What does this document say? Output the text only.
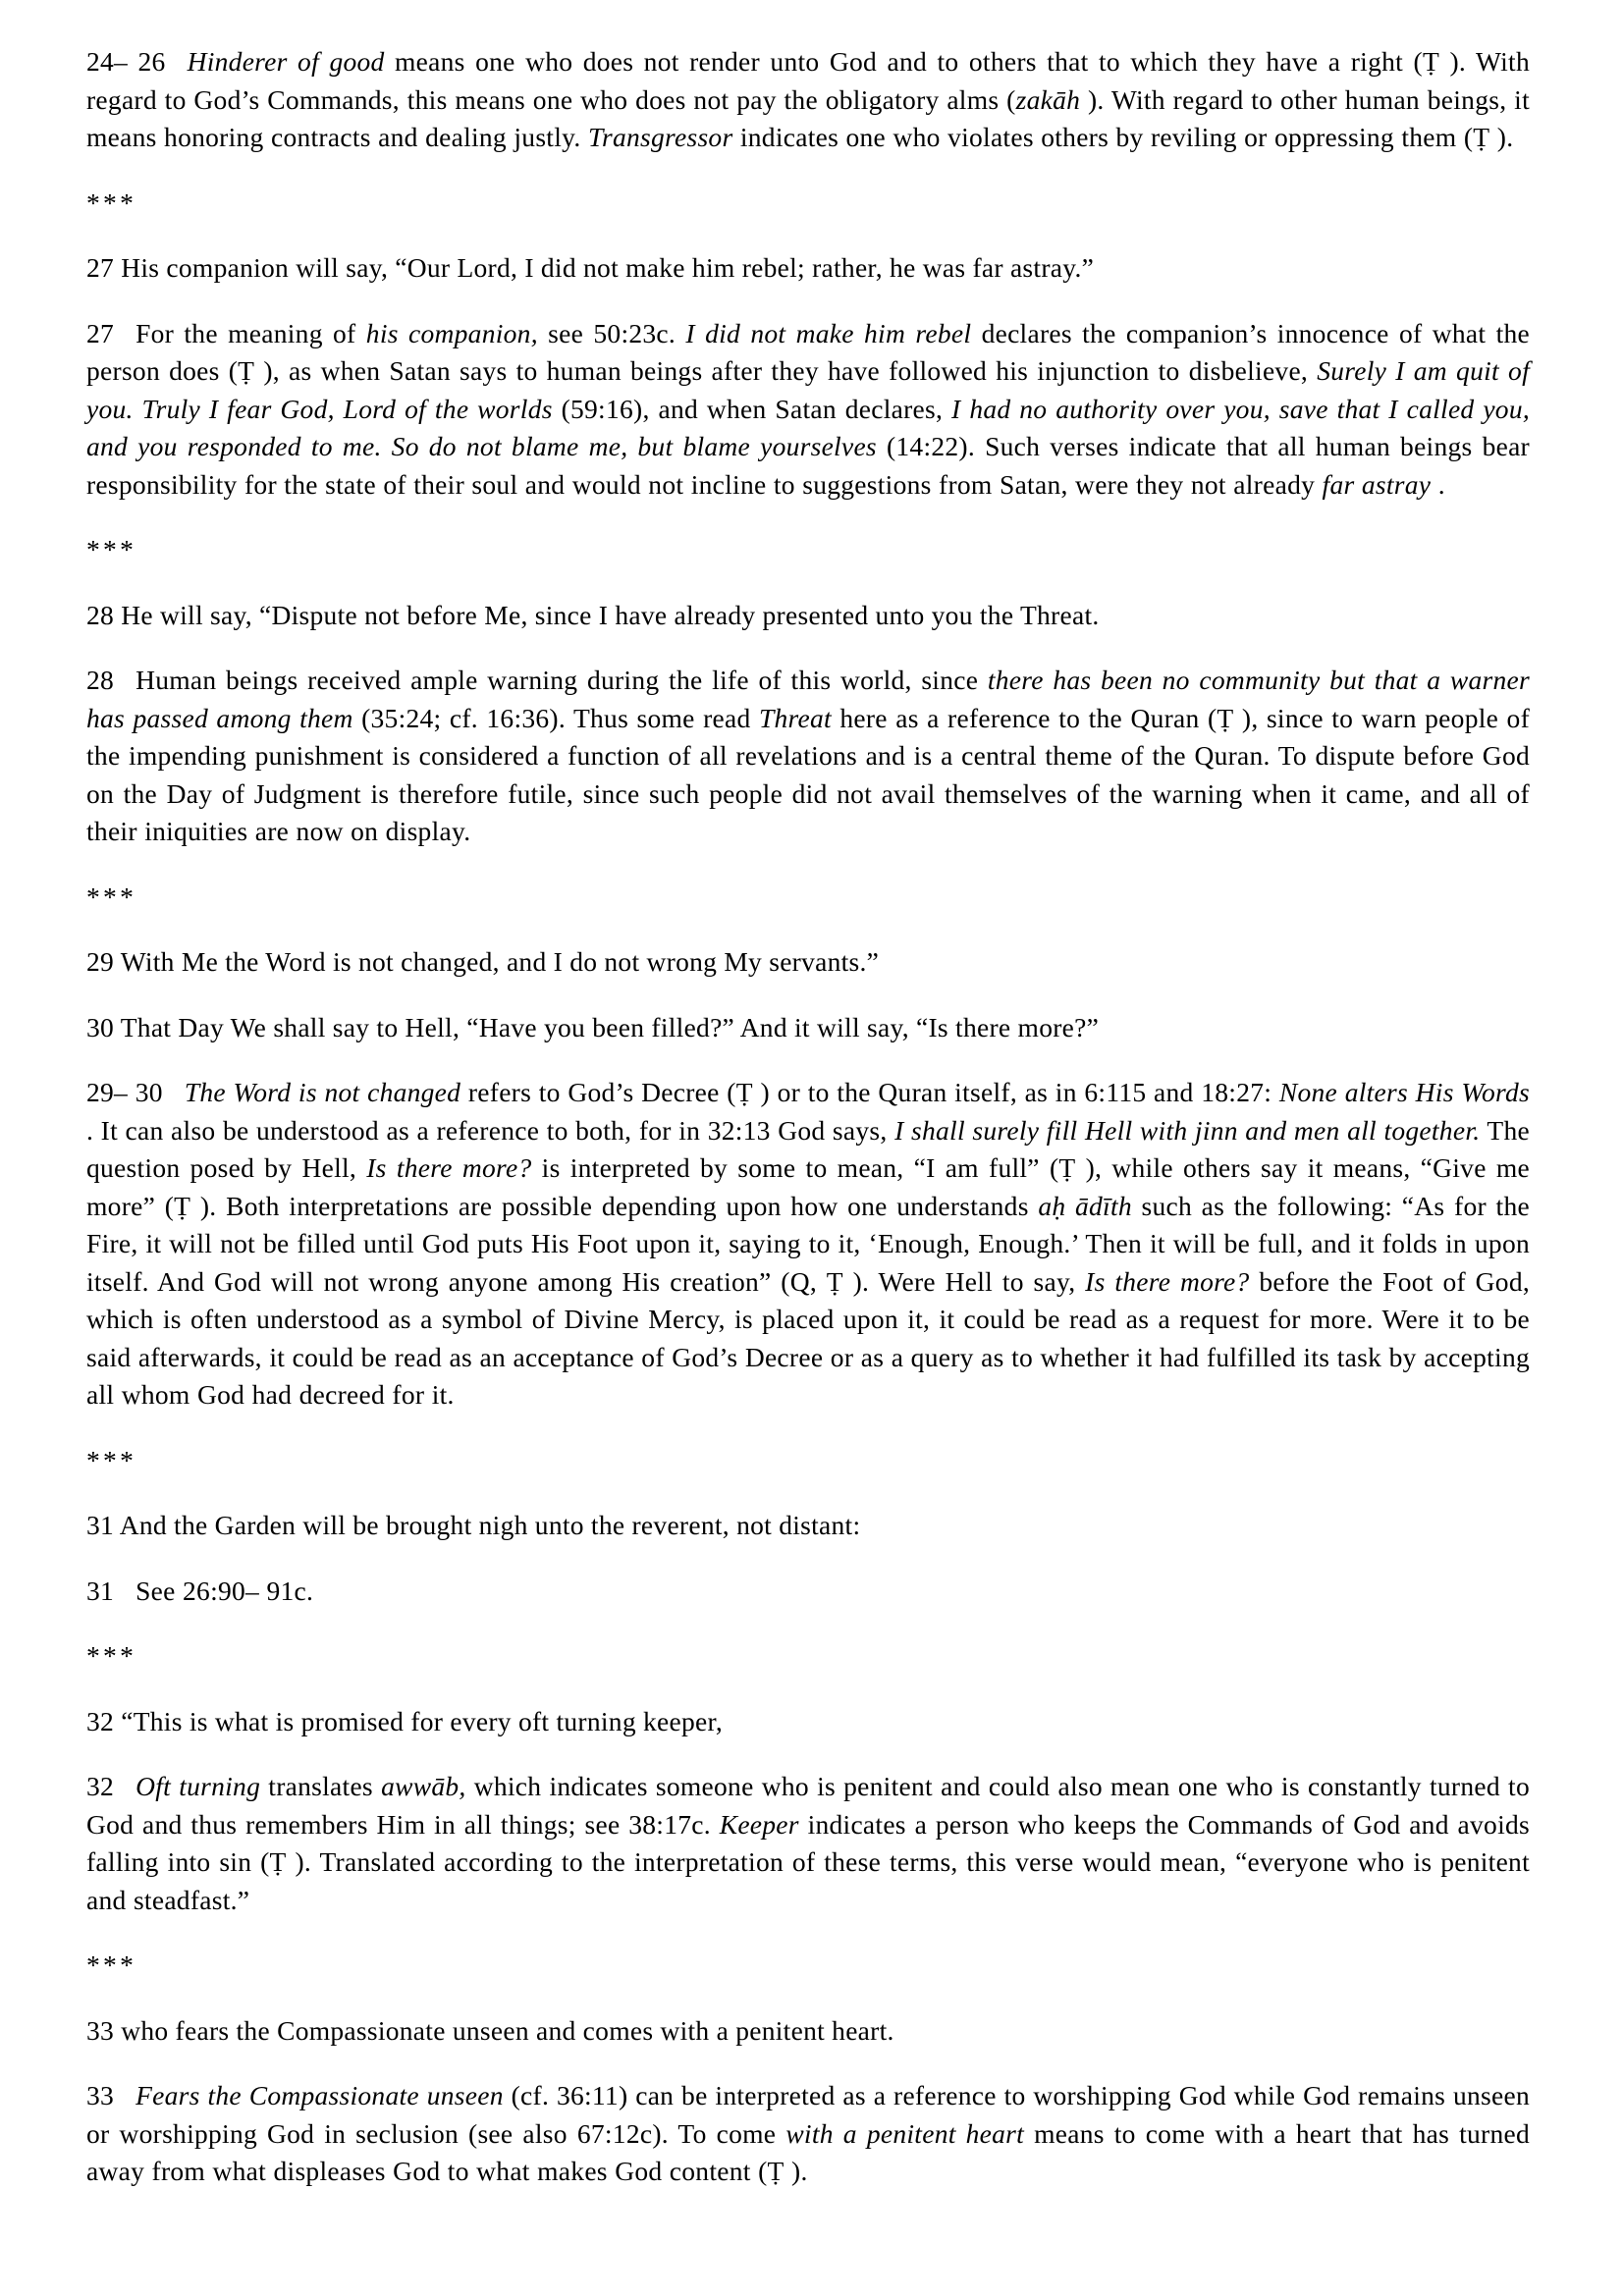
24– 26 Hinderer of good means one who does not render unto God and to others that to which they have a right (Ṭ ). With regard to God’s Commands, this means one who does not pay the obligatory alms (zakāh ). With regard to other human beings, it means honoring contracts and dealing justly. Transgressor indicates one who violates others by reviling or oppressing them (Ṭ ).

***

27 His companion will say, “Our Lord, I did not make him rebel; rather, he was far astray.”

27 For the meaning of his companion, see 50:23c. I did not make him rebel declares the companion’s innocence of what the person does (Ṭ ), as when Satan says to human beings after they have followed his injunction to disbelieve, Surely I am quit of you. Truly I fear God, Lord of the worlds (59:16), and when Satan declares, I had no authority over you, save that I called you, and you responded to me. So do not blame me, but blame yourselves (14:22). Such verses indicate that all human beings bear responsibility for the state of their soul and would not incline to suggestions from Satan, were they not already far astray .

***

28 He will say, “Dispute not before Me, since I have already presented unto you the Threat.

28 Human beings received ample warning during the life of this world, since there has been no community but that a warner has passed among them (35:24; cf. 16:36). Thus some read Threat here as a reference to the Quran (Ṭ ), since to warn people of the impending punishment is considered a function of all revelations and is a central theme of the Quran. To dispute before God on the Day of Judgment is therefore futile, since such people did not avail themselves of the warning when it came, and all of their iniquities are now on display.

***

29 With Me the Word is not changed, and I do not wrong My servants.”

30 That Day We shall say to Hell, “Have you been filled?” And it will say, “Is there more?”

29– 30 The Word is not changed refers to God’s Decree (Ṭ ) or to the Quran itself, as in 6:115 and 18:27: None alters His Words . It can also be understood as a reference to both, for in 32:13 God says, I shall surely fill Hell with jinn and men all together. The question posed by Hell, Is there more? is interpreted by some to mean, “I am full” (Ṭ ), while others say it means, “Give me more” (Ṭ ). Both interpretations are possible depending upon how one understands aḥ ādīth such as the following: “As for the Fire, it will not be filled until God puts His Foot upon it, saying to it, ‘Enough, Enough.’ Then it will be full, and it folds in upon itself. And God will not wrong anyone among His creation” (Q, Ṭ ). Were Hell to say, Is there more? before the Foot of God, which is often understood as a symbol of Divine Mercy, is placed upon it, it could be read as a request for more. Were it to be said afterwards, it could be read as an acceptance of God’s Decree or as a query as to whether it had fulfilled its task by accepting all whom God had decreed for it.

***

31 And the Garden will be brought nigh unto the reverent, not distant:

31 See 26:90– 91c.

***

32 “This is what is promised for every oft turning keeper,

32 Oft turning translates awwāb, which indicates someone who is penitent and could also mean one who is constantly turned to God and thus remembers Him in all things; see 38:17c. Keeper indicates a person who keeps the Commands of God and avoids falling into sin (Ṭ ). Translated according to the interpretation of these terms, this verse would mean, “everyone who is penitent and steadfast.”

***

33 who fears the Compassionate unseen and comes with a penitent heart.

33 Fears the Compassionate unseen (cf. 36:11) can be interpreted as a reference to worshipping God while God remains unseen or worshipping God in seclusion (see also 67:12c). To come with a penitent heart means to come with a heart that has turned away from what displeases God to what makes God content (Ṭ ).
